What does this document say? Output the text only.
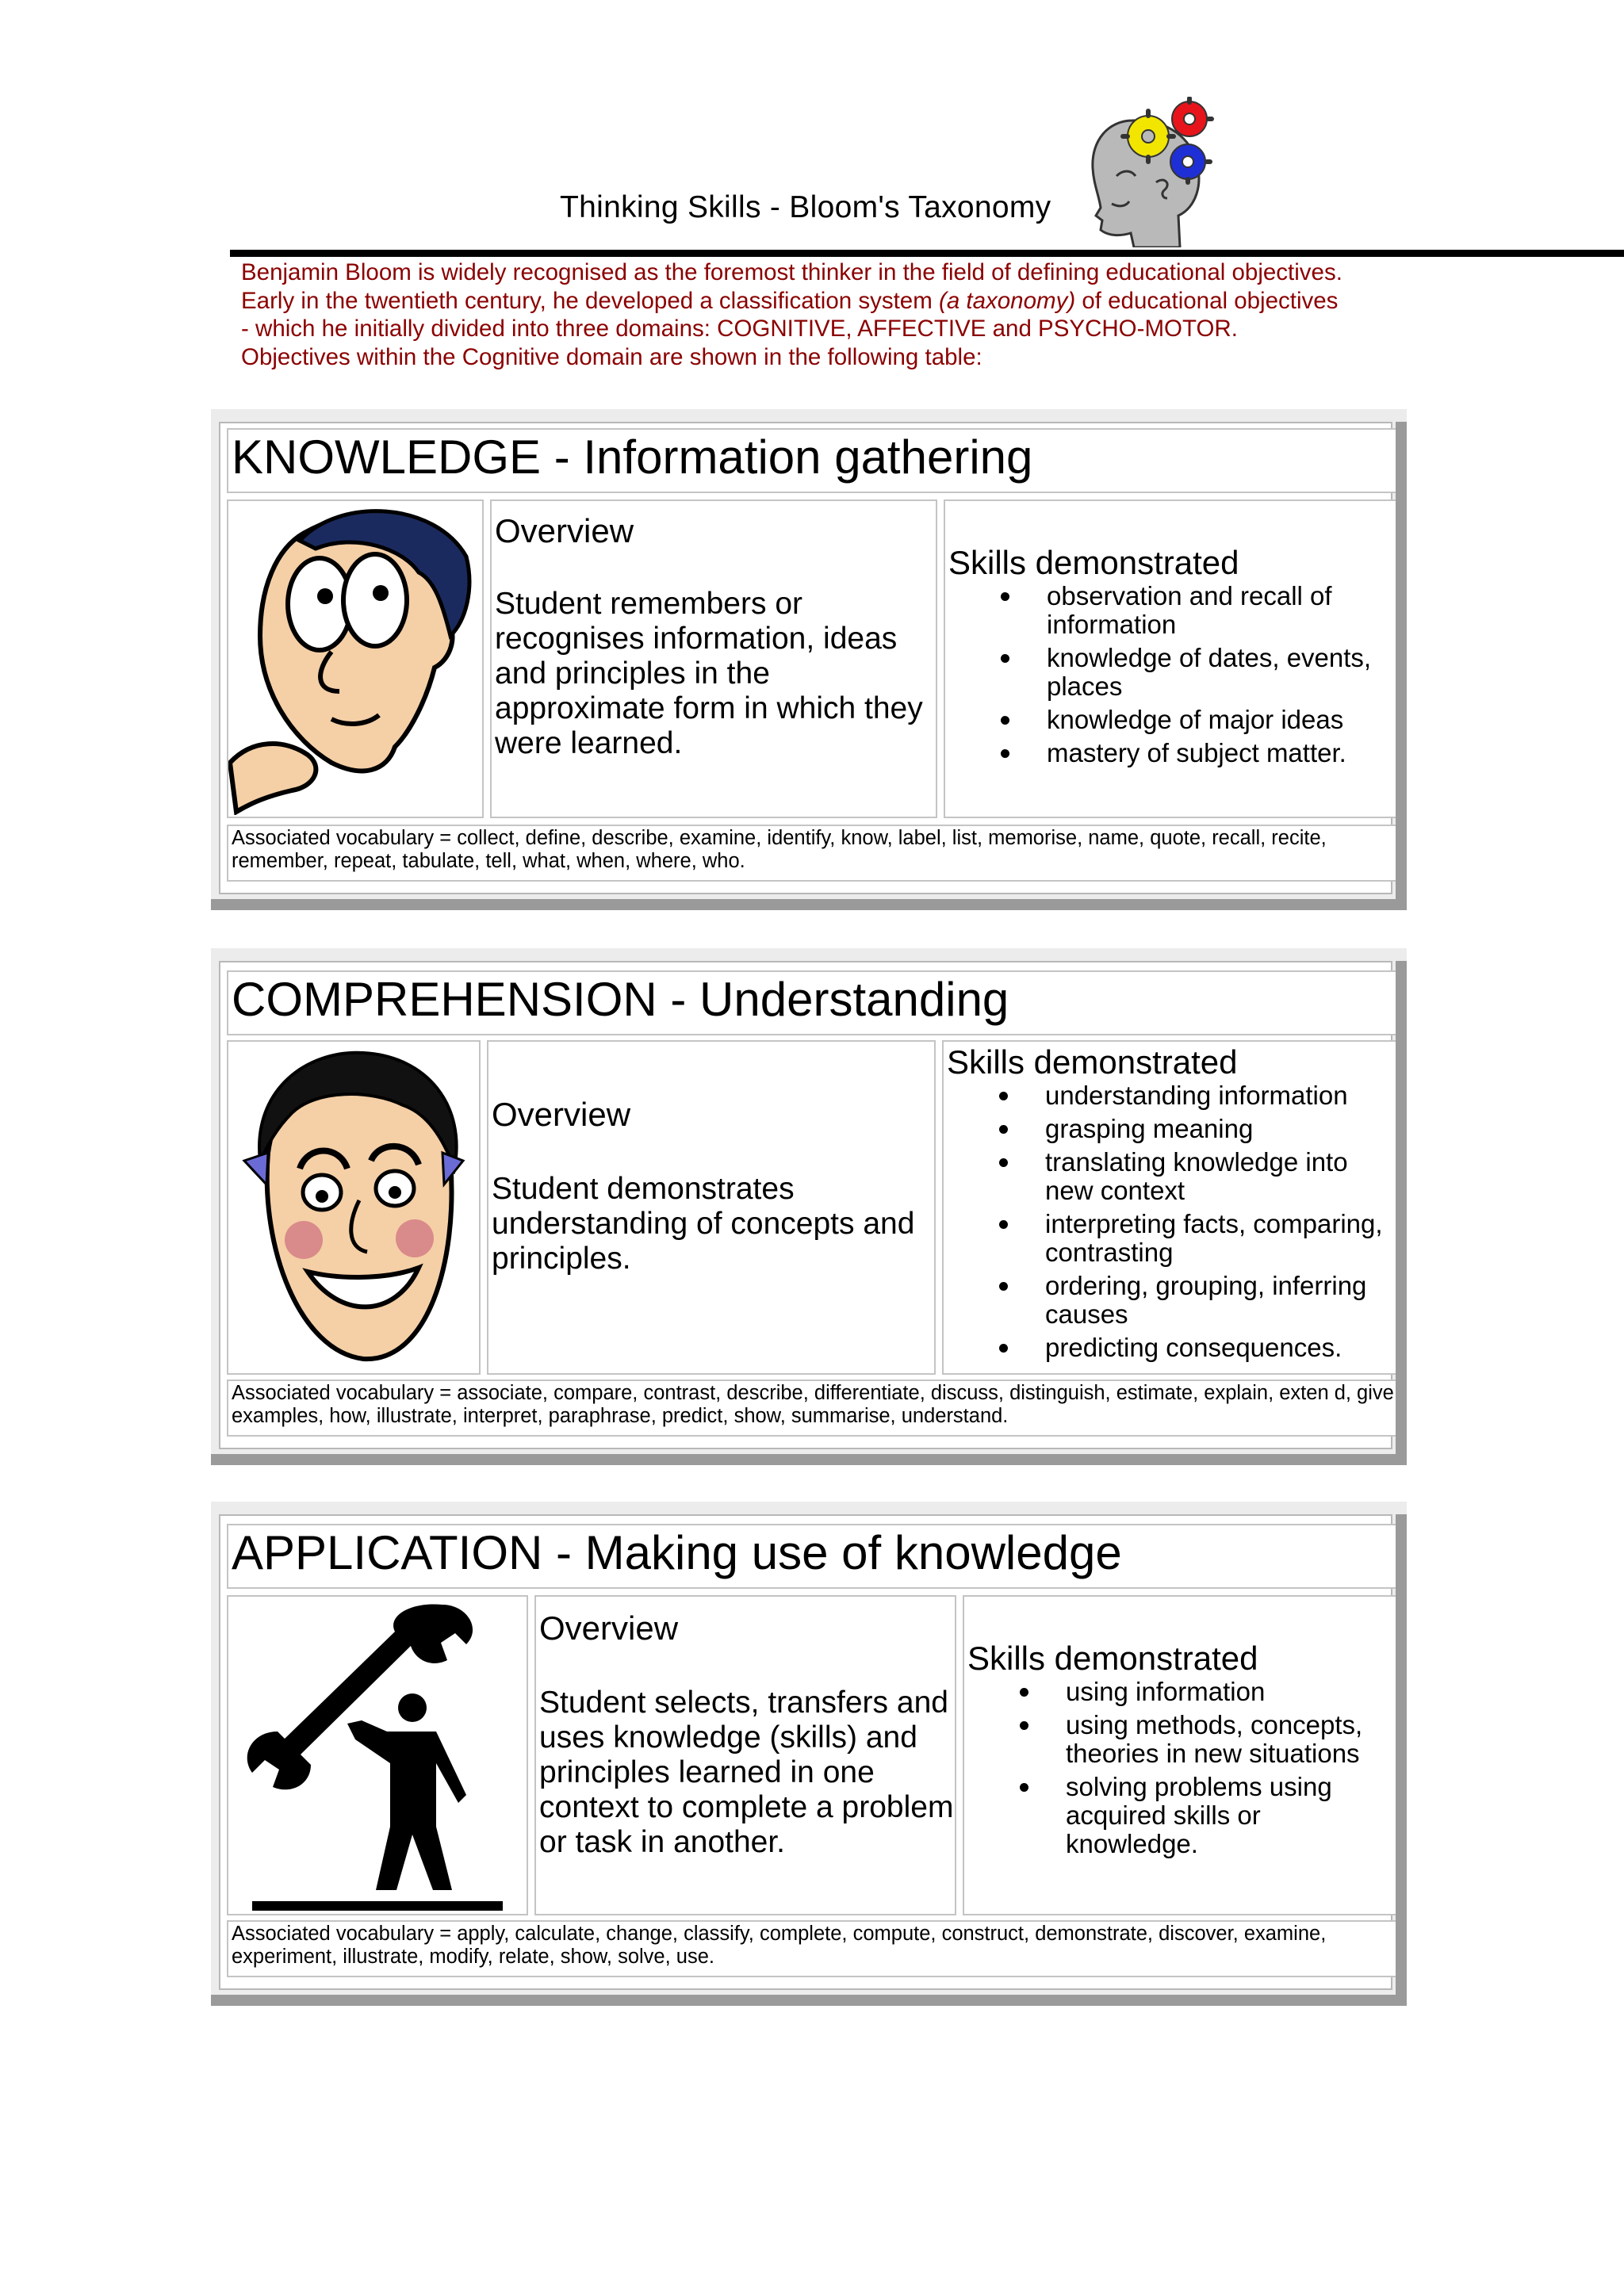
Thinking Skills - Bloom's Taxonomy
Benjamin Bloom is widely recognised as the foremost thinker in the field of defining educational objectives. Early in the twentieth century, he developed a classification system (a taxonomy) of educational objectives - which he initially divided into three domains: COGNITIVE, AFFECTIVE and PSYCHO-MOTOR. Objectives within the Cognitive domain are shown in the following table:
KNOWLEDGE - Information gathering
Overview
Student remembers or recognises information, ideas and principles in the approximate form in which they were learned.
Skills demonstrated
observation and recall of information
knowledge of dates, events, places
knowledge of major ideas
mastery of subject matter.
Associated vocabulary = collect, define, describe, examine, identify, know, label, list, memorise, name, quote, recall, recite, remember, repeat, tabulate, tell, what, when, where, who.
COMPREHENSION - Understanding
Overview
Student demonstrates understanding of concepts and principles.
Skills demonstrated
understanding information
grasping meaning
translating knowledge into new context
interpreting facts, comparing, contrasting
ordering, grouping, inferring causes
predicting consequences.
Associated vocabulary = associate, compare, contrast, describe, differentiate, discuss, distinguish, estimate, explain, exten d, give examples, how, illustrate, interpret, paraphrase, predict, show, summarise, understand.
APPLICATION - Making use of knowledge
Overview
Student selects, transfers and uses knowledge (skills) and principles learned in one context to complete a problem or task in another.
Skills demonstrated
using information
using methods, concepts, theories in new situations
solving problems using acquired skills or knowledge.
Associated vocabulary = apply, calculate, change, classify, complete, compute, construct, demonstrate, discover, examine, experiment, illustrate, modify, relate, show, solve, use.
